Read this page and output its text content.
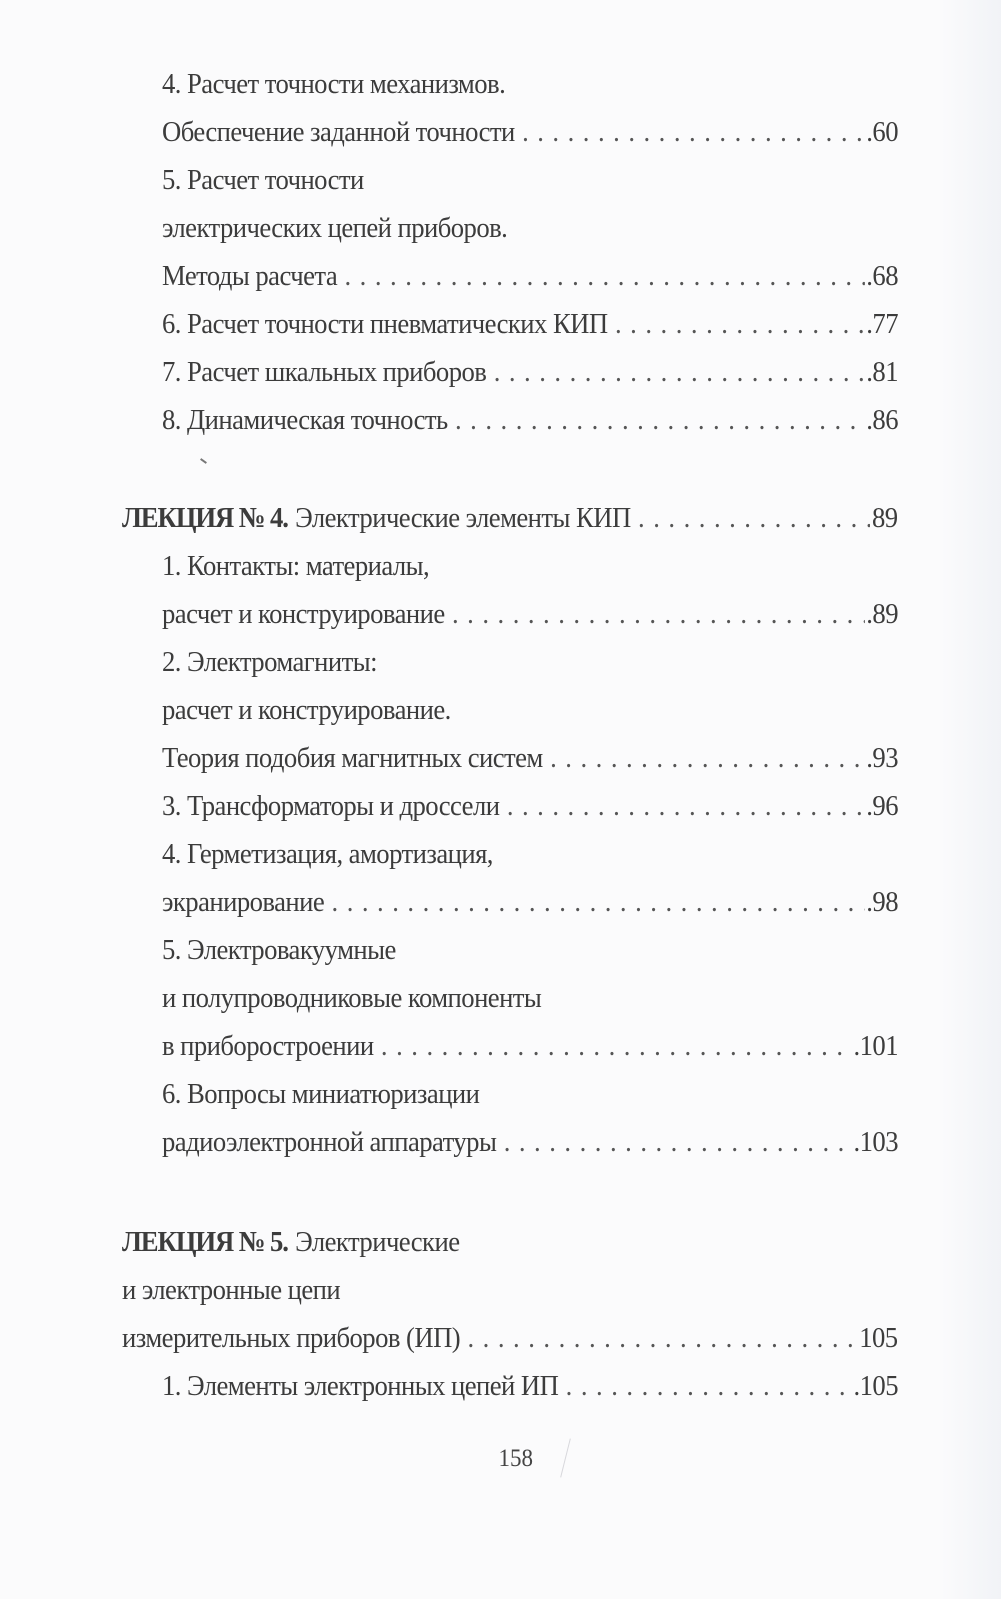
4. Расчет точности механизмов.
Обеспечение заданной точности . . .	.60
5. Расчет точности
электрических цепей приборов.
Методы расчета . . .	.68
6. Расчет точности пневматических КИП . . .	.77
7. Расчет шкальных приборов . . .	.81
8. Динамическая точность . . .	.86
ЛЕКЦИЯ № 4. Электрические элементы КИП . . .	89
1. Контакты: материалы,
расчет и конструирование . . .	.89
2. Электромагниты:
расчет и конструирование.
Теория подобия магнитных систем . . .	.93
3. Трансформаторы и дроссели . . .	.96
4. Герметизация, амортизация,
экранирование . . .	.98
5. Электровакуумные
и полупроводниковые компоненты
в приборостроении . . .	.101
6. Вопросы миниатюризации
радиоэлектронной аппаратуры . . .	.103
ЛЕКЦИЯ № 5. Электрические
и электронные цепи
измерительных приборов (ИП) . . .	105
1. Элементы электронных цепей ИП . . .	.105
158
